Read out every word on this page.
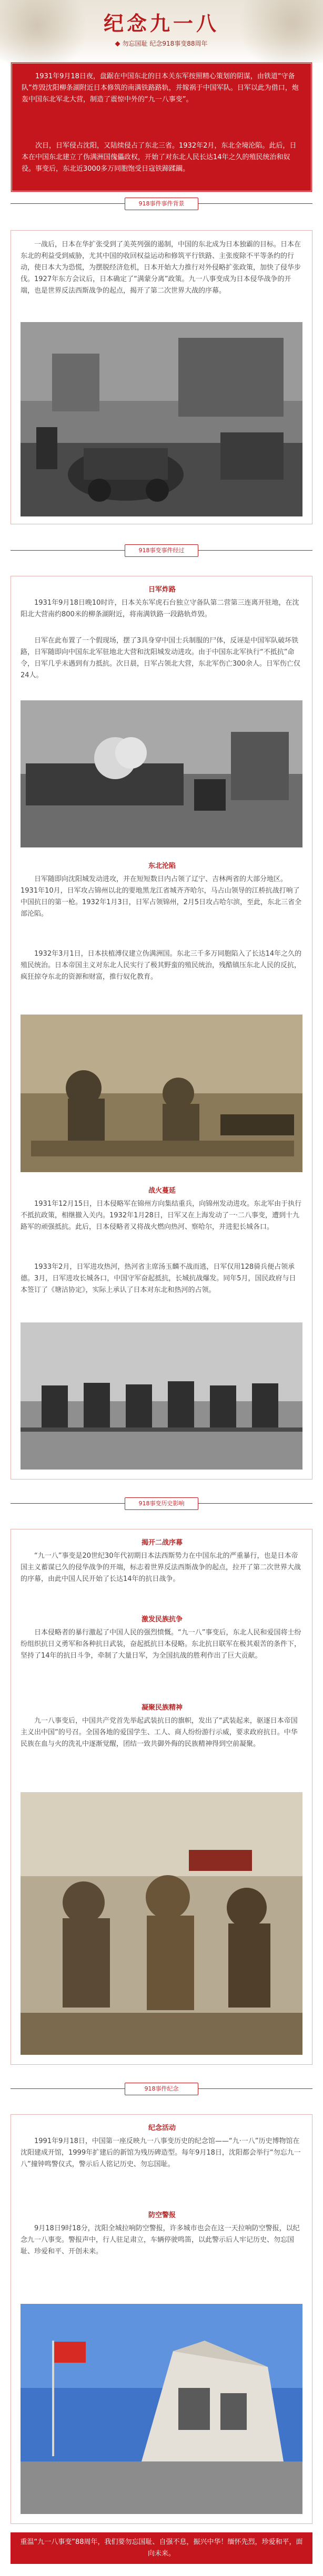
纪念九一八
勿忘国耻 纪念918事变88周年

1931年9月18日夜，盘踞在中国东北的日本关东军按照精心策划的阴谋，由铁道“守备队”炸毁沈阳柳条湖附近日本修筑的南满铁路路轨，并嫁祸于中国军队。日军以此为借口，炮轰中国东北军北大营，制造了震惊中外的“九一八事变”。

次日，日军侵占沈阳，又陆续侵占了东北三省。1932年2月，东北全境沦陷。此后，日本在中国东北建立了伪满洲国傀儡政权，开始了对东北人民长达14年之久的殖民统治和奴役。事变后，东北近3000多万同胞饱受日寇铁蹄蹂躏。

918事件事件背景
一战后，日本在华扩张受到了美英列强的遏制，中国的东北成为日本独霸的目标。日本在东北的利益受到威胁，尤其中国的收回权益运动和修筑平行铁路、主张废除不平等条约的行动，使日本大为恐慌，为摆脱经济危机，日本开始大力推行对外侵略扩张政策，加快了侵华步伐。1927年东方会议后，日本确定了“满蒙分离”政策。九一八事变成为日本侵华战争的开端，也是世界反法西斯战争的起点，揭开了第二次世界大战的序幕。
918事变事件经过
日军炸路
1931年9月18日晚10时许，日本关东军虎石台独立守备队第二营第三连离开驻地，在沈阳北大营南约800米的柳条湖附近，将南满铁路一段路轨炸毁。
日军在此布置了一个假现场，摆了3具身穿中国士兵制服的尸体，反诬是中国军队破坏铁路，日军随即向中国东北军驻地北大营和沈阳城发动进攻。由于中国东北军执行“不抵抗”命令，日军几乎未遇到有力抵抗。次日晨，日军占领北大营，东北军伤亡300余人。日军伤亡仅24人。
东北沦陷
日军随即向沈阳城发动进攻，并在短短数日内占领了辽宁、吉林两省的大部分地区。1931年10月，日军攻占锦州以北的要地黑龙江省城齐齐哈尔，马占山领导的江桥抗战打响了中国抗日的第一枪。1932年1月3日，日军占领锦州，2月5日攻占哈尔滨，至此，东北三省全部沦陷。
1932年3月1日，日本扶植溥仪建立伪满洲国。东北三千多万同胞陷入了长达14年之久的殖民统治。日本帝国主义对东北人民实行了极其野蛮的殖民统治，残酷镇压东北人民的反抗，疯狂掠夺东北的资源和财富，推行奴化教育。
战火蔓延
1931年12月15日，日本侵略军在锦州方向集结重兵，向锦州发动进攻。东北军由于执行不抵抗政策，相继撤入关内。1932年1月28日，日军又在上海发动了一·二八事变，遭到十九路军的顽强抵抗。此后，日本侵略者又将战火燃向热河、察哈尔，并进犯长城各口。
1933年2月，日军进攻热河，热河省主席汤玉麟不战而逃，日军仅用128骑兵便占领承德。3月，日军进攻长城各口，中国守军奋起抵抗，长城抗战爆发。同年5月，国民政府与日本签订了《塘沽协定》，实际上承认了日本对东北和热河的占领。
918事变历史影响
揭开二战序幕
“九一八”事变是20世纪30年代初期日本法西斯势力在中国东北的严重暴行，也是日本帝国主义蓄谋已久的侵华战争的开端，标志着世界反法西斯战争的起点，拉开了第二次世界大战的序幕，由此中国人民开始了长达14年的抗日战争。
激发民族抗争
日本侵略者的暴行激起了中国人民的强烈愤慨。“九一八”事变后，东北人民和爱国将士纷纷组织抗日义勇军和各种抗日武装，奋起抵抗日本侵略。东北抗日联军在极其艰苦的条件下，坚持了14年的抗日斗争，牵制了大量日军，为全国抗战的胜利作出了巨大贡献。
凝聚民族精神
九一八事变后，中国共产党首先举起武装抗日的旗帜，发出了“武装起来，驱逐日本帝国主义出中国”的号召。全国各地的爱国学生、工人、商人纷纷游行示威，要求政府抗日。中华民族在血与火的洗礼中逐渐觉醒，团结一致共御外侮的民族精神得到空前凝聚。
918事件纪念
纪念活动
1991年9月18日，中国第一座反映九一八事变历史的纪念馆——“九·一八”历史博物馆在沈阳建成开馆，1999年扩建后的新馆为残历碑造型。每年9月18日，沈阳都会举行“勿忘九一八”撞钟鸣警仪式，警示后人铭记历史、勿忘国耻。
防空警报
9月18日9时18分，沈阳全城拉响防空警报，许多城市也会在这一天拉响防空警报，以纪念九一八事变。警报声中，行人驻足肃立，车辆停驶鸣笛，以此警示后人牢记历史、勿忘国耻、珍爱和平、开创未来。

重温“九一八事变”88周年，我们要勿忘国耻、自强不息，振兴中华！缅怀先烈，珍爱和平，面向未来。
